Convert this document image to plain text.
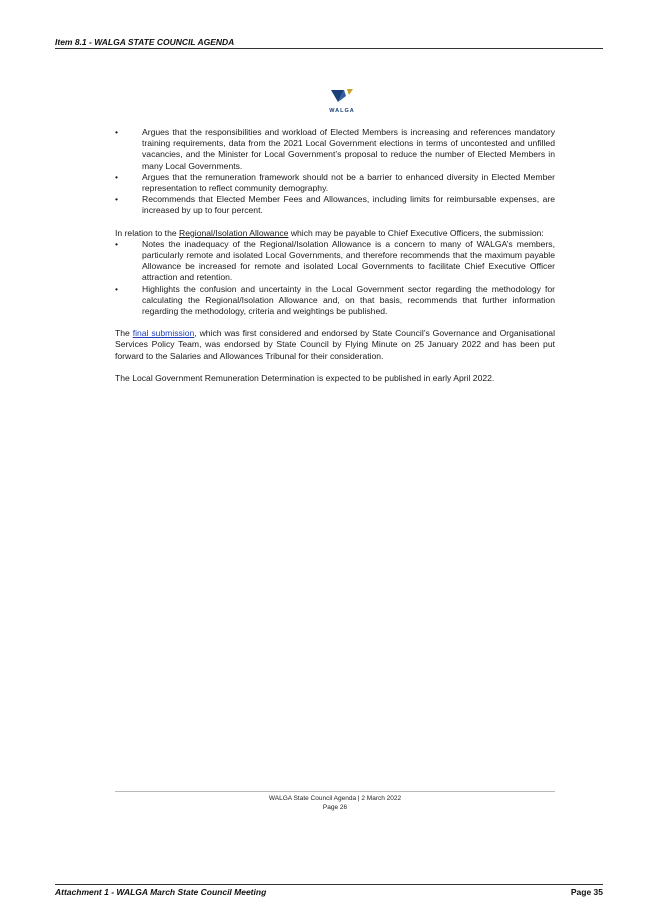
Item 8.1 - WALGA STATE COUNCIL AGENDA
WALGA
• Argues that the responsibilities and workload of Elected Members is increasing and references mandatory training requirements, data from the 2021 Local Government elections in terms of uncontested and unfilled vacancies, and the Minister for Local Government’s proposal to reduce the number of Elected Members in many Local Governments.
• Argues that the remuneration framework should not be a barrier to enhanced diversity in Elected Member representation to reflect community demography.
• Recommends that Elected Member Fees and Allowances, including limits for reimbursable expenses, are increased by up to four percent.

In relation to the Regional/Isolation Allowance which may be payable to Chief Executive Officers, the submission:

• Notes the inadequacy of the Regional/Isolation Allowance is a concern to many of WALGA’s members, particularly remote and isolated Local Governments, and therefore recommends that the maximum payable Allowance be increased for remote and isolated Local Governments to facilitate Chief Executive Officer attraction and retention.
• Highlights the confusion and uncertainty in the Local Government sector regarding the methodology for calculating the Regional/Isolation Allowance and, on that basis, recommends that further information regarding the methodology, criteria and weightings be published.

The final submission, which was first considered and endorsed by State Council’s Governance and Organisational Services Policy Team, was endorsed by State Council by Flying Minute on 25 January 2022 and has been put forward to the Salaries and Allowances Tribunal for their consideration.

The Local Government Remuneration Determination is expected to be published in early April 2022.

WALGA State Council Agenda | 2 March 2022
Page 26
Attachment 1 - WALGA March State Council Meeting	Page 35
